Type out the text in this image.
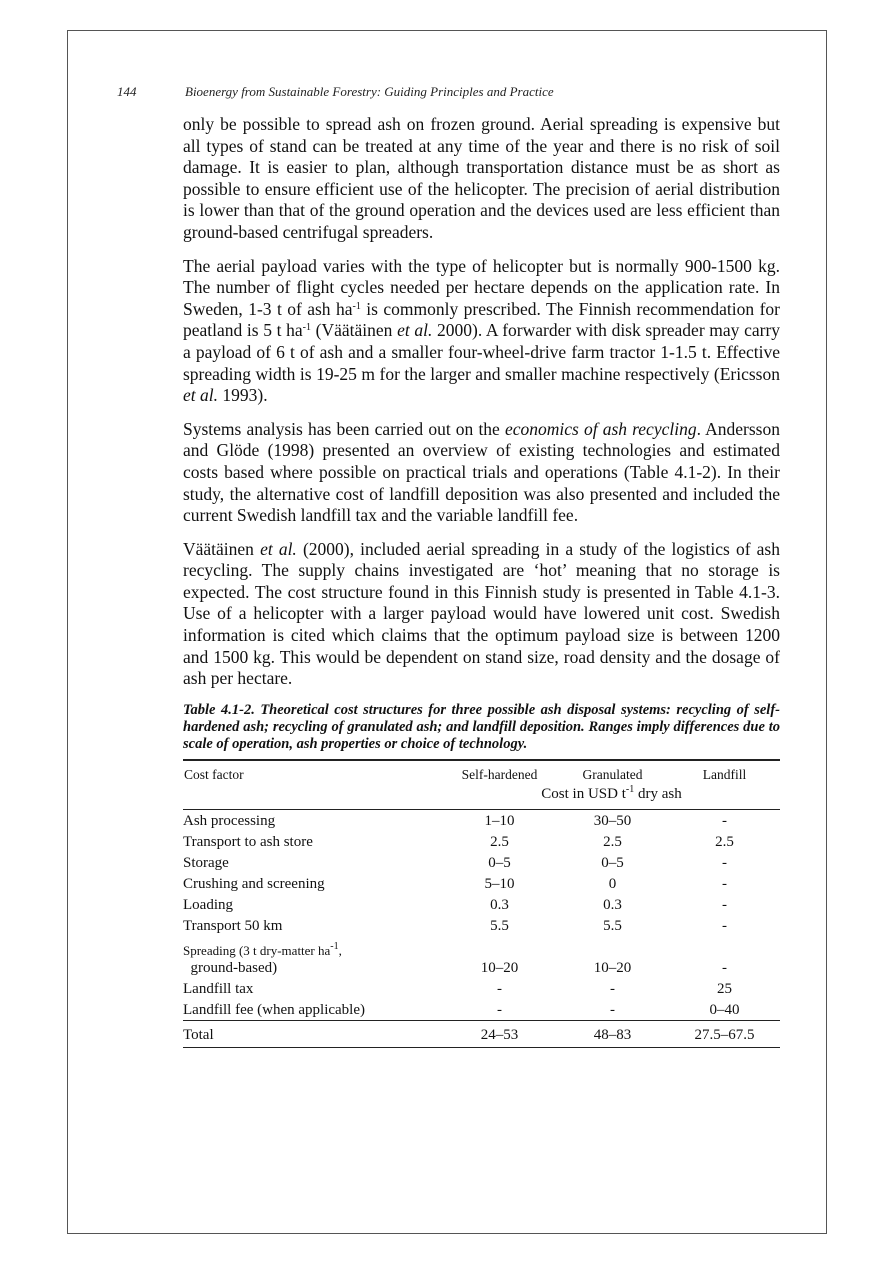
144	Bioenergy from Sustainable Forestry: Guiding Principles and Practice

only be possible to spread ash on frozen ground. Aerial spreading is expensive but all types of stand can be treated at any time of the year and there is no risk of soil damage. It is easier to plan, although transportation distance must be as short as possible to ensure efficient use of the helicopter. The precision of aerial distribution is lower than that of the ground operation and the devices used are less efficient than ground-based centrifugal spreaders.

The aerial payload varies with the type of helicopter but is normally 900-1500 kg. The number of flight cycles needed per hectare depends on the application rate. In Sweden, 1-3 t of ash $ha^{-1}$ is commonly prescribed. The Finnish recommendation for peatland is 5 t $ha^{-1}$ (Väätäinen et al. 2000). A forwarder with disk spreader may carry a payload of 6 t of ash and a smaller four-wheel-drive farm tractor 1-1.5 t. Effective spreading width is 19-25 m for the larger and smaller machine respectively (Ericsson et al. 1993).

Systems analysis has been carried out on the economics of ash recycling. Andersson and Glöde (1998) presented an overview of existing technologies and estimated costs based where possible on practical trials and operations (Table 4.1-2). In their study, the alternative cost of landfill deposition was also presented and included the current Swedish landfill tax and the variable landfill fee.

Väätäinen et al. (2000), included aerial spreading in a study of the logistics of ash recycling. The supply chains investigated are ‘hot’ meaning that no storage is expected. The cost structure found in this Finnish study is presented in Table 4.1-3. Use of a helicopter with a larger payload would have lowered unit cost. Swedish information is cited which claims that the optimum payload size is between 1200 and 1500 kg. This would be dependent on stand size, road density and the dosage of ash per hectare.

Table 4.1-2. Theoretical cost structures for three possible ash disposal systems: recycling of self-hardened ash; recycling of granulated ash; and landfill deposition. Ranges imply differences due to scale of operation, ash properties or choice of technology.
Cost factor	Self-hardened	Granulated	Landfill
	Cost in USD $t^{-1}$ dry ash		
Ash processing	1–10	30–50	-
Transport to ash store	2.5	2.5	2.5
Storage	0–5	0–5	-
Crushing and screening	5–10	0	-
Loading	0.3	0.3	-
Transport 50 km	5.5	5.5	-
Spreading (3 t dry-matter $ha^{-1}$,
ground-based)	10–20	10–20	-
Landfill tax	-	-	25
Landfill fee (when applicable)	-	-	0–40
Total	24–53	48–83	27.5–67.5
